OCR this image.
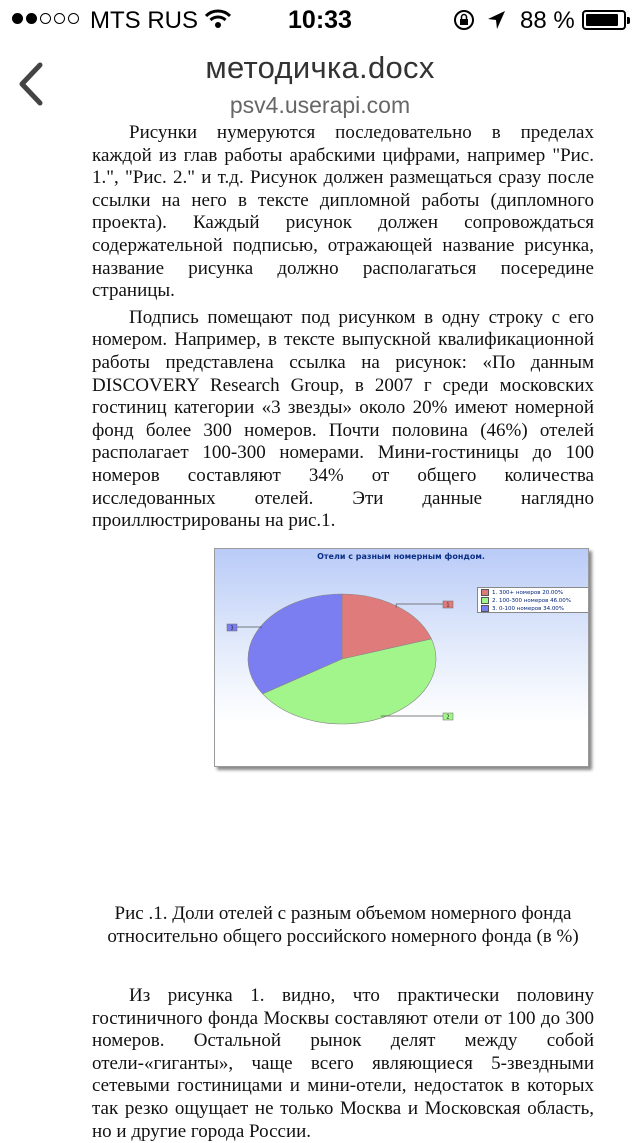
MTS RUS	10:33	88 %
методичка.docx
psv4.userapi.com

Рисунки нумеруются последовательно в пределах каждой из глав работы арабскими цифрами, например "Рис. 1.", "Рис. 2." и т.д. Рисунок должен размещаться сразу после ссылки на него в тексте дипломной работы (дипломного проекта). Каждый рисунок должен сопровождаться содержательной подписью, отражающей название рисунка, название рисунка должно располагаться посередине страницы.

Подпись помещают под рисунком в одну строку с его номером. Например, в тексте выпускной квалификационной работы представлена ссылка на рисунок: «По данным DISCOVERY Research Group, в 2007 г среди московских гостиниц категории «3 звезды» около 20% имеют номерной фонд более 300 номеров. Почти половина (46%) отелей располагает 100-300 номерами. Мини-гостиницы до 100 номеров составляют 34% от общего количества исследованных отелей. Эти данные наглядно проиллюстрированы на рис.1.

Отели с разным номерным фондом.
1
2
3
1. 300+ номеров 20.00%
2. 100-300 номеров 46.00%
3. 0-100 номеров 34.00%
Рис .1. Доли отелей с разным объемом номерного фонда относительно общего российского номерного фонда (в %)

Из рисунка 1. видно, что практически половину гостиничного фонда Москвы составляют отели от 100 до 300 номеров. Остальной рынок делят между собой отели-«гиганты», чаще всего являющиеся 5-звездными сетевыми гостиницами и мини-отели, недостаток в которых так резко ощущает не только Москва и Московская область, но и другие города России.
